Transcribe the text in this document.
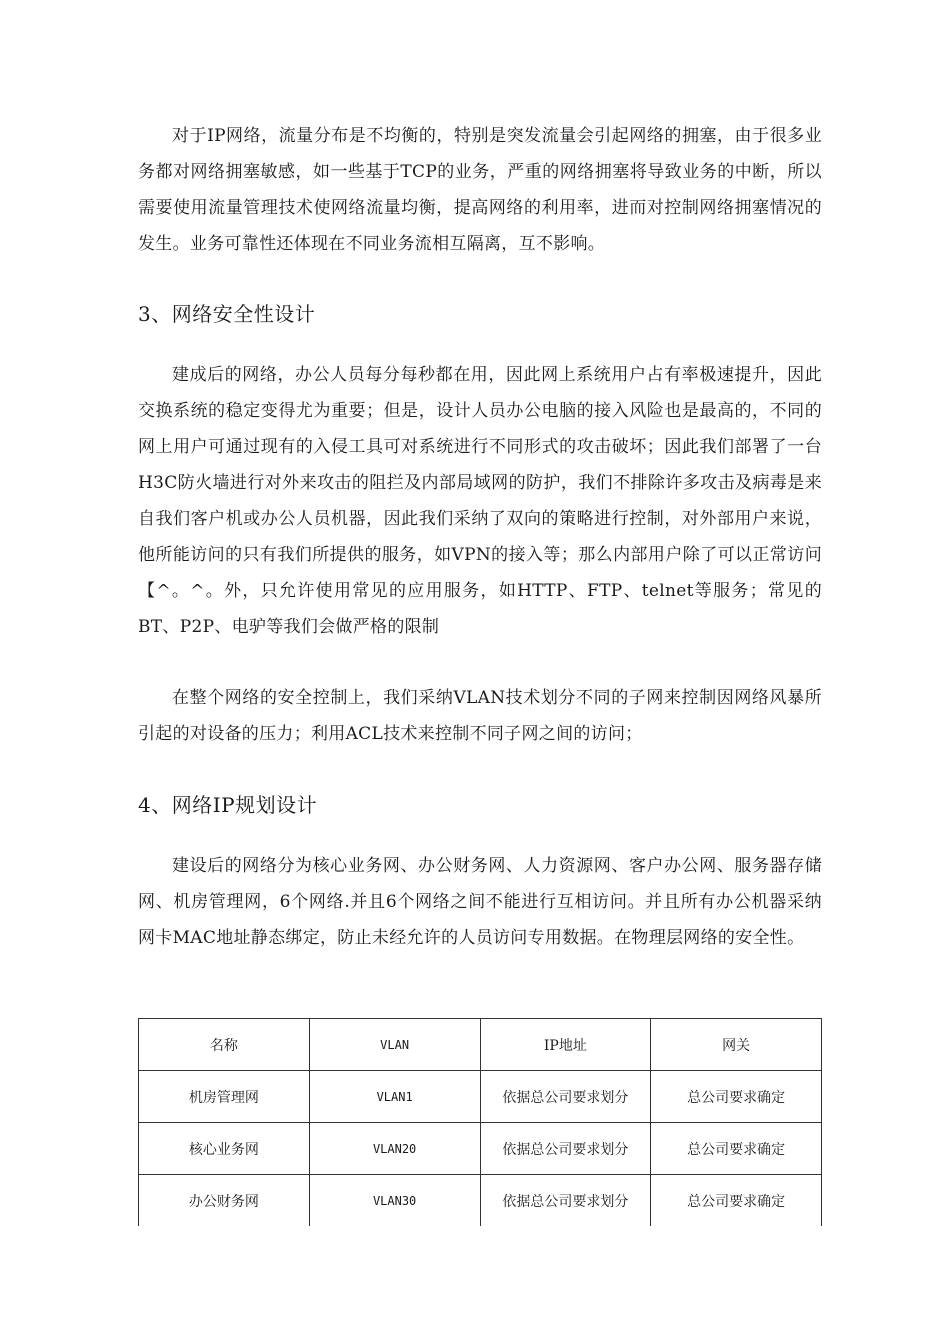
对于IP网络，流量分布是不均衡的，特别是突发流量会引起网络的拥塞，由于很多业务都对网络拥塞敏感，如一些基于TCP的业务，严重的网络拥塞将导致业务的中断，所以需要使用流量管理技术使网络流量均衡，提高网络的利用率，进而对控制网络拥塞情况的发生。业务可靠性还体现在不同业务流相互隔离，互不影响。

3、网络安全性设计

建成后的网络，办公人员每分每秒都在用，因此网上系统用户占有率极速提升，因此交换系统的稳定变得尤为重要；但是，设计人员办公电脑的接入风险也是最高的，不同的网上用户可通过现有的入侵工具可对系统进行不同形式的攻击破坏；因此我们部署了一台H3C防火墙进行对外来攻击的阻拦及内部局域网的防护，我们不排除许多攻击及病毒是来自我们客户机或办公人员机器，因此我们采纳了双向的策略进行控制，对外部用户来说，他所能访问的只有我们所提供的服务，如VPN的接入等；那么内部用户除了可以正常访问【^。^。外，只允许使用常见的应用服务，如HTTP、FTP、telnet等服务；常见的BT、P2P、电驴等我们会做严格的限制

在整个网络的安全控制上，我们采纳VLAN技术划分不同的子网来控制因网络风暴所引起的对设备的压力；利用ACL技术来控制不同子网之间的访问；

4、网络IP规划设计

建设后的网络分为核心业务网、办公财务网、人力资源网、客户办公网、服务器存储网、机房管理网，6个网络.并且6个网络之间不能进行互相访问。并且所有办公机器采纳网卡MAC地址静态绑定，防止未经允许的人员访问专用数据。在物理层网络的安全性。

名称	VLAN	IP地址	网关
机房管理网	VLAN1	依据总公司要求划分	总公司要求确定
核心业务网	VLAN20	依据总公司要求划分	总公司要求确定
办公财务网	VLAN30	依据总公司要求划分	总公司要求确定
